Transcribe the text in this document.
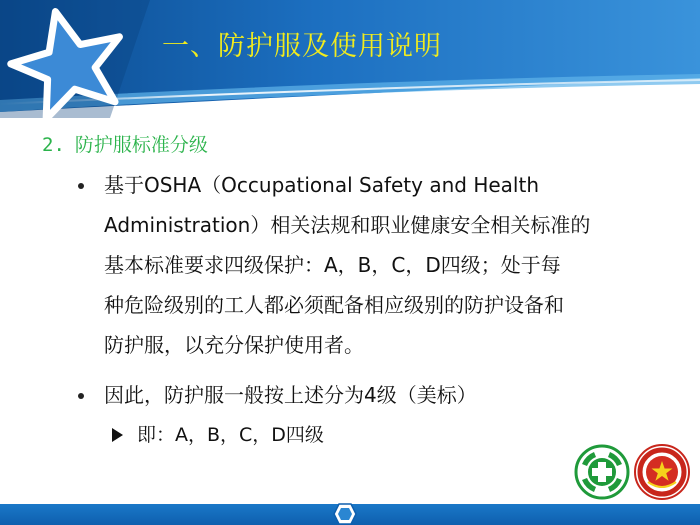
一、防护服及使用说明
2. 防护服标准分级
基于OSHA（Occupational Safety and Health
Administration）相关法规和职业健康安全相关标准的
基本标准要求四级保护：A，B，C，D四级；处于每
种危险级别的工人都必须配备相应级别的防护设备和
防护服，以充分保护使用者。
因此，防护服一般按上述分为4级（美标）
即：A，B，C，D四级
